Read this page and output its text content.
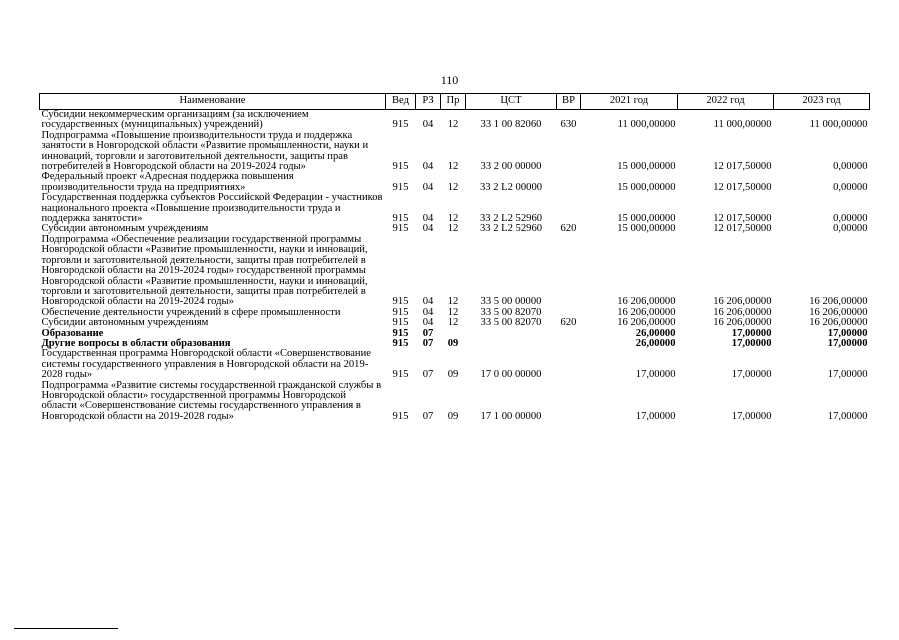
110
Наименование	Вед	РЗ	Пр	ЦСТ	ВР	2021 год	2022 год	2023 год
Субсидии некоммерческим организациям (за исключением государственных (муниципальных) учреждений)	915	04	12	33 1 00 82060	630	11 000,00000	11 000,00000	11 000,00000
Подпрограмма «Повышение производительности труда и поддержка занятости в Новгородской области «Развитие промышленности, науки и инноваций, торговли и заготовительной деятельности, защиты прав потребителей в Новгородской области на 2019-2024 годы»	915	04	12	33 2 00 00000		15 000,00000	12 017,50000	0,00000
Федеральный проект «Адресная поддержка повышения производительности труда на предприятиях»	915	04	12	33 2 L2 00000		15 000,00000	12 017,50000	0,00000
Государственная поддержка субъектов Российской Федерации - участников национального проекта «Повышение производительности труда и поддержка занятости»	915	04	12	33 2 L2 52960		15 000,00000	12 017,50000	0,00000
Субсидии автономным учреждениям	915	04	12	33 2 L2 52960	620	15 000,00000	12 017,50000	0,00000
Подпрограмма «Обеспечение реализации государственной программы Новгородской области «Развитие промышленности, науки и инноваций, торговли и заготовительной деятельности, защиты прав потребителей в Новгородской области на 2019-2024 годы» государственной программы Новгородской области «Развитие промышленности, науки и инноваций, торговли и заготовительной деятельности, защиты прав потребителей в Новгородской области на 2019-2024 годы»	915	04	12	33 5 00 00000		16 206,00000	16 206,00000	16 206,00000
Обеспечение деятельности учреждений в сфере промышленности	915	04	12	33 5 00 82070		16 206,00000	16 206,00000	16 206,00000
Субсидии автономным учреждениям	915	04	12	33 5 00 82070	620	16 206,00000	16 206,00000	16 206,00000
Образование	915	07				26,00000	17,00000	17,00000
Другие вопросы в области образования	915	07	09			26,00000	17,00000	17,00000
Государственная программа Новгородской области «Совершенствование системы государственного управления в Новгородской области на 2019-2028 годы»	915	07	09	17 0 00 00000		17,00000	17,00000	17,00000
Подпрограмма «Развитие системы государственной гражданской службы в Новгородской области» государственной программы Новгородской области «Совершенствование системы государственного управления в Новгородской области на 2019-2028 годы»	915	07	09	17 1 00 00000		17,00000	17,00000	17,00000
